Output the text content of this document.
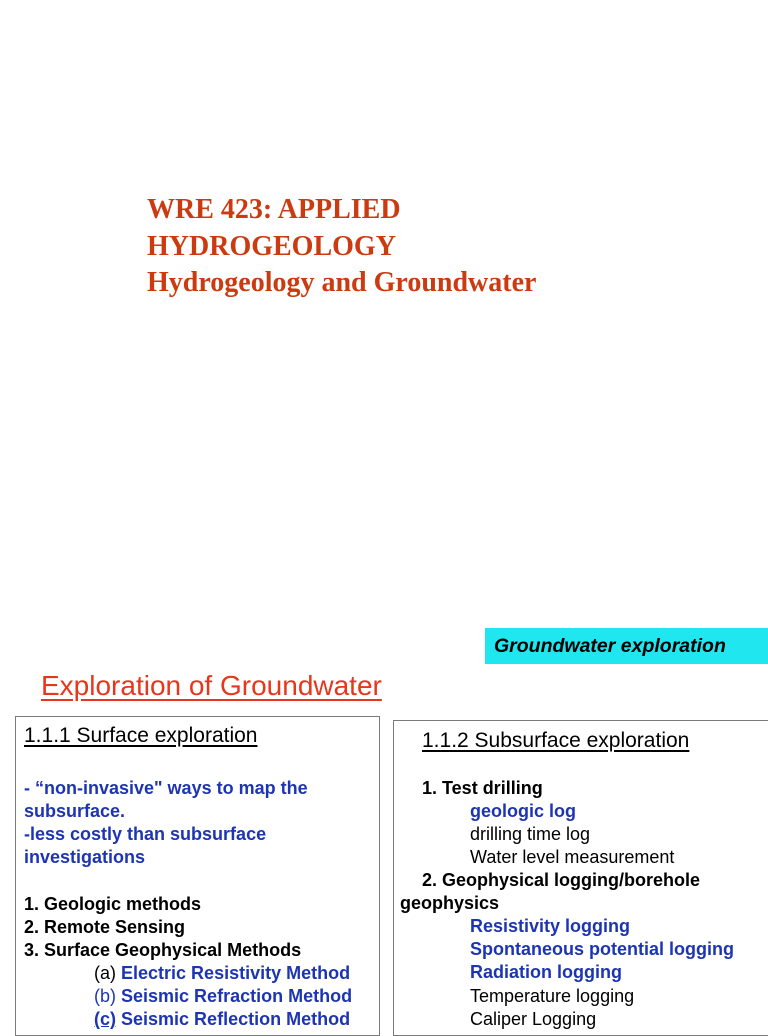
WRE 423: APPLIED
HYDROGEOLOGY
Hydrogeology and Groundwater
Groundwater exploration
Exploration of Groundwater
1.1.1 Surface exploration
- “non-invasive" ways to map the
subsurface.
-less costly than subsurface
investigations
1. Geologic methods
2. Remote Sensing
3. Surface Geophysical Methods
(a) Electric Resistivity Method
(b) Seismic Refraction Method
(c) Seismic Reflection Method
1.1.2 Subsurface exploration
1. Test drilling
geologic log
drilling time log
Water level measurement
2. Geophysical logging/borehole
geophysics
Resistivity logging
Spontaneous potential logging
Radiation logging
Temperature logging
Caliper Logging
